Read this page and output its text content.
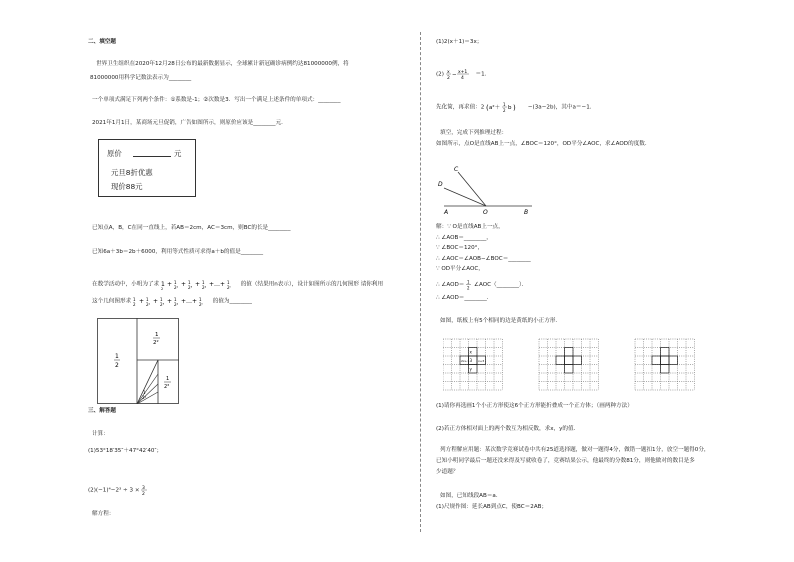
二、填空题
世界卫生组织在2020年12月28日公布的最新数据显示，全球累计新冠确诊病例约达81000000例，将
81000000用科学记数法表示为________
一个单项式满足下列两个条件：①系数是-1；②次数是3．写出一个满足上述条件的单项式：________
2021年1月1日，某商场元旦促销，广告如图所示，则原价应该是________元．
原价	元
元旦8折优惠
现价88元
已知点A，B，C在同一直线上，若AB＝2cm，AC＝3cm，则BC的长是________
已知6a＋3b＝2b＋6000，利用等式性质可求得a＋b的值是________
在数学活动中，小明为了求 1
2
+ 1
2² + 1
2³ + 1
2⁴ +…+ 1
2ⁿ 的值（结果用n表示），设计如图所示的几何图形 请你利用
这个几何图形求 1
2 + 1
2² + 1
2³ + 1
2⁴ +…+ 1
2ⁿ 的值为________
1
2
1
2²
1
2³
1
2⁴
三、解答题
计算：
(1)53°18′35″＋47°42′40″；
(2)(−1)⁴−2³ ÷ 3 × 3
2
解方程：
(1)2(x＋1)＝3x；
(2) x
2
− x+1
4
＝1．
先化简，再求值：2 ( a²＋
1
2 b ) −(3a−2b)，其中a＝−1．
填空，完成下列推理过程：
如图所示，点O是直线AB上一点，∠BOC＝120°，OD平分∠AOC，求∠AOD的度数．
C
D
A	O	B
解：∵ O是直线AB上一点，
∴ ∠AOB＝________，
∵ ∠BOC＝120°，
∴ ∠AOC＝∠AOB−∠BOC＝________
∵ OD平分∠AOC，
∴ ∠AOD＝ 1
2 ∠AOC（________）．
∴ ∠AOD＝________．
如图，纸板上有5个相同的边是黄纸的小正方形．
x
2x+1 3 x+3
y
(1)请你再选画1个小正方形使这6个正方形能折叠成一个正方体；（画两种方法）
(2)若正方体相对面上的两个数互为相反数，求x，y的值．
列方程解应用题：某次数学竞赛试卷中共有25道选择题，做对一题得4分，做错一题扣1分，放空一题得0分，
已知小明同学最后一题还没来得及写就收卷了，竞赛结果公示，他最终的分数81分，则他做对的数目是多
少道题？
如图，已知线段AB＝a．
(1)尺规作图：延长AB到点C，使BC＝2AB；
